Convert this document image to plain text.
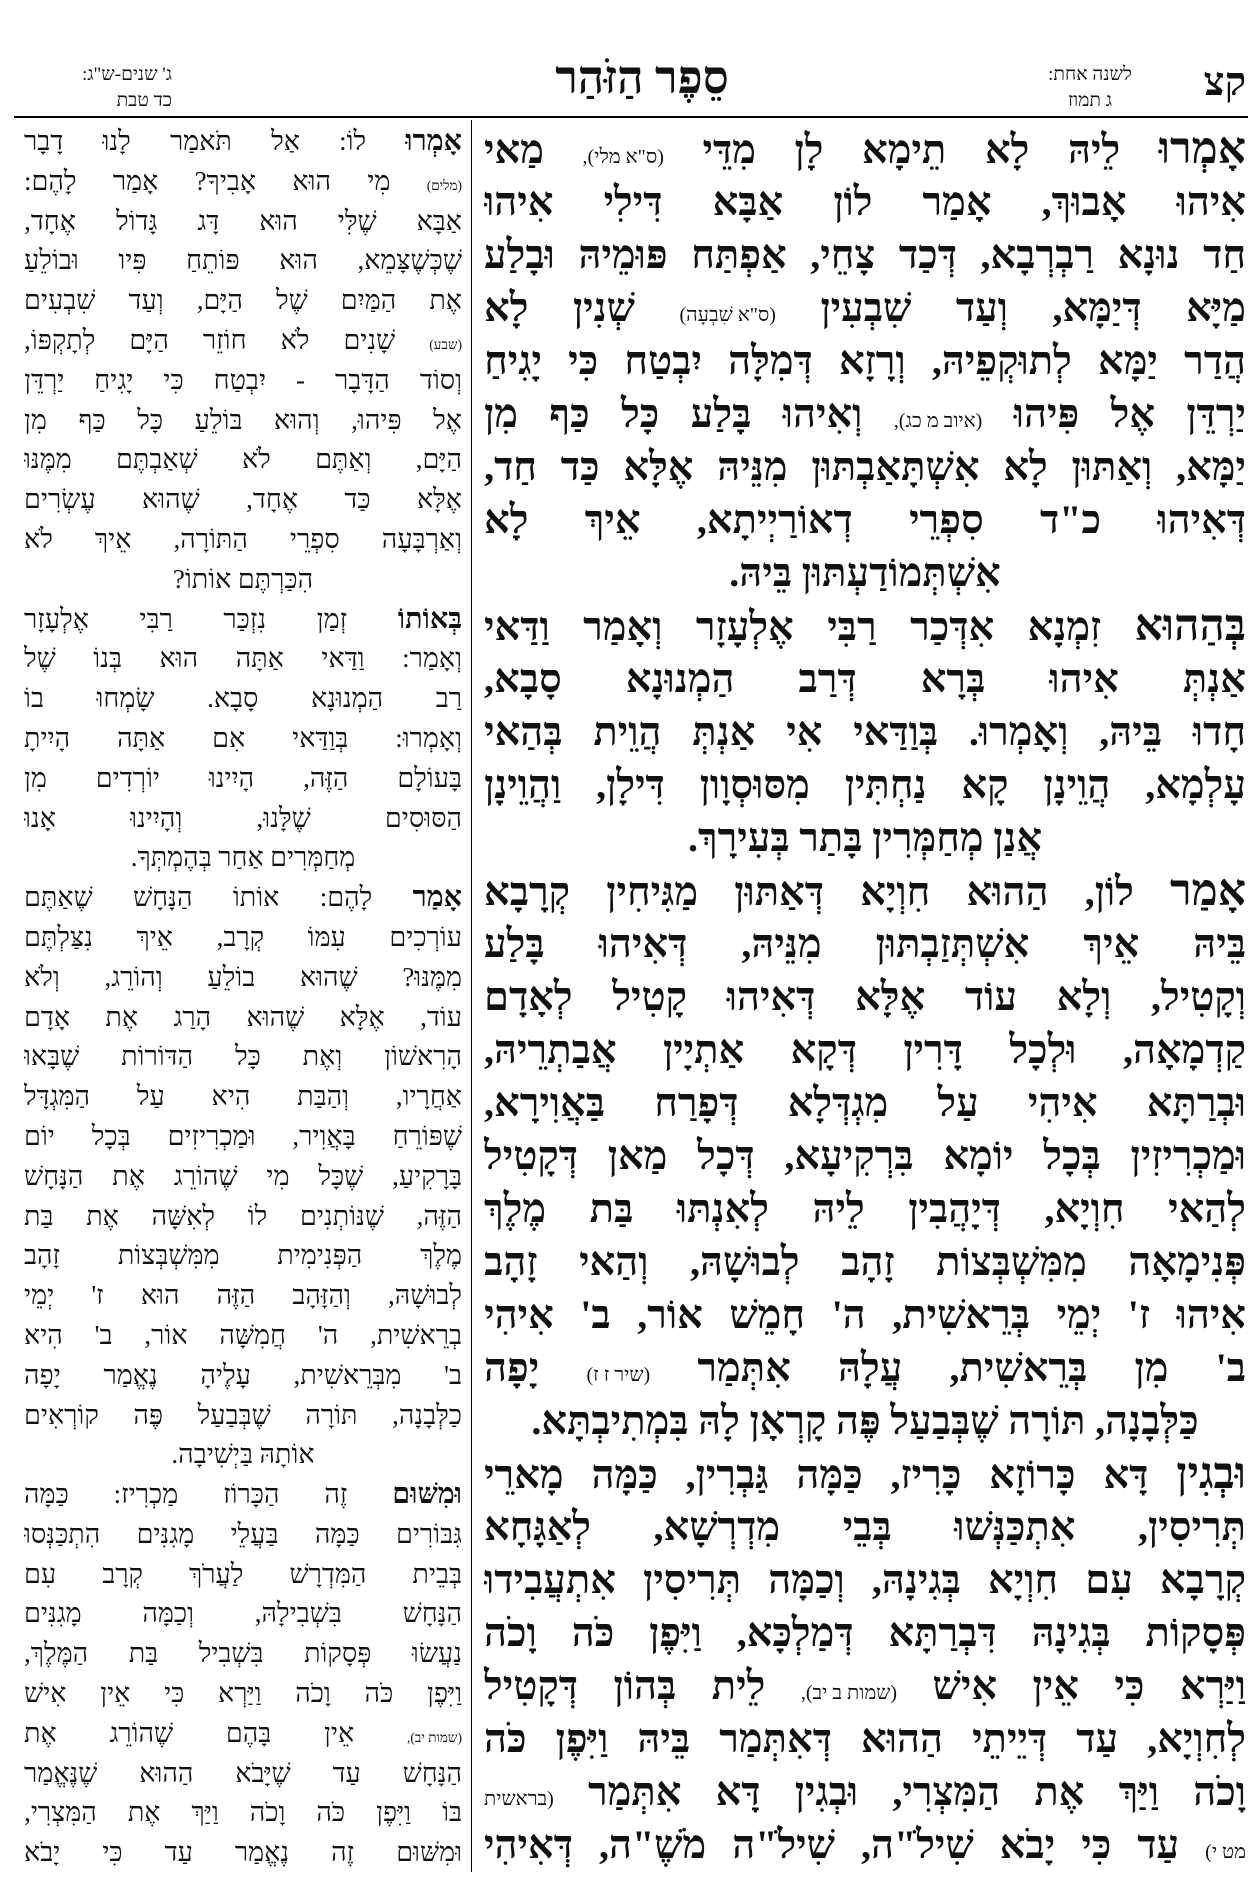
קצ
לשנה אחת:
ג תמוז
סֵפֶר הַזֹּהַר
ג' שנים-ש"ג:
כד טבת
אָמְרוּ
לֵיהּ
לָא
תֵימָא
לָן
מִדֵּי
(ס"א מלי),
מַאי
אִיהוּ
אָבוּךְ,
אָמַר
לוֹן
אַבָּא
דִּילִי
אִיהוּ
חַד
נוּנָא
רַבְרְבָא,
דְּכַד
צָחֵי,
אַפְתַּח
פּוּמֵיהּ
וּבָלַע
מַיָּא
דְּיַמָּא,
וְעַד
שִׁבְעִין
(ס"א שִׁבְעָה)
שְׁנִין
לָא
הֲדַר
יַמָּא
לְתוּקְפֵיהּ,
וְרָזָא
דְּמִלָּה
יִבְטַח
כִּי
יָגִיחַ
יַרְדֵּן
אֶל
פִּיהוּ
(איוב מ כג),
וְאִיהוּ
בָּלַע
כָּל
כַּף
מִן
יַמָּא,
וְאַתּוּן
לָא
אִשְׁתָּאַבְתּוּן
מִנֵּיהּ
אֶלָּא
כַּד
חַד,
דְּאִיהוּ
כ"ד
סִפְרֵי
דְאוֹרַיְיתָא,
אֵיךְ
לָא
אִשְׁתְּמוֹדַעְתּוּן
בֵּיהּ.
בְּהַהוּא
זִמְנָא
אִדְּכַר
רַבִּי
אֶלְעָזָר
וְאָמַר
וַדַּאי
אַנְתְּ
אִיהוּ
בְּרָא
דְּרַב
הַמְנוּנָא
סָבָא,
חָדוּ
בֵּיהּ,
וְאָמְרוּ.
בְּוַדַּאי
אִי
אַנְתְּ
הֲוֵית
בְּהַאי
עָלְמָא,
הֲוֵינָן
קָא
נַחְתִּין
מִסּוּסְוָון
דִּילָן,
וַהֲוֵינָן
אֲנַן
מְחַמְּרִין
בָּתַר
בְּעִירָךְ.
אָמַר
לוֹן,
הַהוּא
חִוְיָא
דְּאַתּוּן
מַגִּיחִין
קְרָבָא
בֵּיהּ
אֵיךְ
אִשְׁתְּזַבְתּוּן
מִנֵּיהּ,
דְּאִיהוּ
בָּלַע
וְקָטִיל,
וְלָא
עוֹד
אֶלָּא
דְּאִיהוּ
קָטִיל
לְאָדָם
קַדְמָאָה,
וּלְכָל
דָּרִין
דְּקָא
אַתְיָין
אֲבַתְרֵיהּ,
וּבְרַתָּא
אִיהִי
עַל
מִגְדְּלָא
דְּפָרַח
בַּאֲוִירָא,
וּמַכְרִיזִין
בְּכָל
יוֹמָא
בִּרְקִיעָא,
דְּכָל
מַאן
דְּקָטִיל
לְהַאי
חִוְיָא,
דְּיָהֲבִין
לֵיהּ
לְאִנְתּוּ
בַּת
מֶלֶךְ
פְּנִימָאָה
מִמִּשְׁבְּצוֹת
זָהָב
לְבוּשָׁהּ,
וְהַאי
זָהָב
אִיהוּ
ז'
יְמֵי
בְּרֵאשִׁית,
ה'
חָמֵשׁ
אוֹר,
ב'
אִיהִי
ב'
מִן
בְּרֵאשִׁית,
עֲלָהּ
אִתְּמַר
(שיר ז ז)
יָפָה
כַּלְּבָנָה,
תּוֹרָה
שֶׁבְּבַעַל
פֶּה
קָרְאָן
לָהּ
בִּמְתִיבְתָּא.
וּבְגִין
דָּא
כָּרוֹזָא
כָּרִיז,
כַּמָּה
גַּבְרִין,
כַּמָּה
מָארֵי
תְּרִיסִין,
אִתְכַּנְּשׁוּ
בְּבֵי
מִדְרְשָׁא,
לְאַגָּחָא
קְרָבָא
עִם
חִוְיָא
בְּגִינָהּ,
וְכַמָּה
תְּרִיסִין
אִתְעֲבִידוּ
פְּסָקוֹת
בְּגִינָהּ
דִּבְרַתָּא
דְּמַלְכָּא,
וַיִּפֶן
כֹּה
וָכֹה
וַיַּרְא
כִּי
אֵין
אִישׁ
(שמות ב יב),
לֵית
בְּהוֹן
דְּקָטִיל
לְחִוְיָא,
עַד
דְּיֵיתֵי
הַהוּא
דְּאִתְּמַר
בֵּיהּ
וַיִּפֶן
כֹּה
וָכֹה
וַיַּךְ
אֶת
הַמִּצְרִי,
וּבְגִין
דָּא
אִתְּמַר
(בראשית
מט י)
עַד
כִּי
יָבֹא
שִׁילֹ"ה,
שִׁילֹ"ה
מֹשֶׁ"ה,
דְּאִיהִי
אָמְרוּ
לוֹ:
אַל
תֹּאמַר
לָנוּ
דָבָר
(מלים)
מִי
הוּא
אָבִיךָ?
אָמַר
לָהֶם:
אַבָּא
שֶׁלִּי
הוּא
דָּג
גָּדוֹל
אֶחָד,
שֶׁכְּשֶׁצָּמֵא,
הוּא
פּוֹתֵחַ
פִּיו
וּבוֹלֵעַ
אֶת
הַמַּיִם
שֶׁל
הַיָּם,
וְעַד
שִׁבְעִים
(שבע)
שָׁנִים
לֹא
חוֹזֵר
הַיָּם
לְתָקְפּוֹ,
וְסוֹד
הַדָּבָר
-
יִבְטַח
כִּי
יָגִיחַ
יַרְדֵּן
אֶל
פִּיהוּ,
וְהוּא
בּוֹלֵעַ
כָּל
כַּף
מִן
הַיָּם,
וְאַתֶּם
לֹא
שְׁאַבְתֶּם
מִמֶּנּוּ
אֶלָּא
כַּד
אֶחָד,
שֶׁהוּא
עֶשְׂרִים
וְאַרְבָּעָה
סִפְרֵי
הַתּוֹרָה,
אֵיךְ
לֹא
הִכַּרְתֶּם
אוֹתוֹ?
בְּאוֹתוֹ
זְמַן
נִזְכַּר
רַבִּי
אֶלְעָזָר
וְאָמַר:
וַדַּאי
אַתָּה
הוּא
בְּנוֹ
שֶׁל
רַב
הַמְנוּנָא
סָבָא.
שָׂמְחוּ
בוֹ
וְאָמְרוּ:
בְּוַדַּאי
אִם
אַתָּה
הָיִיתָ
בָּעוֹלָם
הַזֶּה,
הָיִינוּ
יוֹרְדִים
מִן
הַסּוּסִים
שֶׁלָּנוּ,
וְהָיִינוּ
אָנוּ
מְחַמְּרִים
אַחַר
בְּהֶמְתְּךָ.
אָמַר
לָהֶם:
אוֹתוֹ
הַנָּחָשׁ
שֶׁאַתֶּם
עוֹרְכִים
עִמּוֹ
קְרָב,
אֵיךְ
נִצַּלְתֶּם
מִמֶּנּוּ?
שֶׁהוּא
בוֹלֵעַ
וְהוֹרֵג,
וְלֹא
עוֹד,
אֶלָּא
שֶׁהוּא
הָרַג
אֶת
אָדָם
הָרִאשׁוֹן
וְאֶת
כָּל
הַדּוֹרוֹת
שֶׁבָּאוּ
אַחֲרָיו,
וְהַבַּת
הִיא
עַל
הַמִּגְדָּל
שֶׁפּוֹרֵחַ
בָּאֲוִיר,
וּמַכְרִיזִים
בְּכָל
יוֹם
בָּרָקִיעַ,
שֶׁכָּל
מִי
שֶׁהוֹרֵג
אֶת
הַנָּחָשׁ
הַזֶּה,
שֶׁנּוֹתְנִים
לוֹ
לְאִשָּׁה
אֶת
בַּת
מֶלֶךְ
הַפְּנִימִית
מִמִּשְׁבְּצוֹת
זָהָב
לְבוּשָׁהּ,
וְהַזָּהָב
הַזֶּה
הוּא
ז'
יְמֵי
בְרֵאשִׁית,
ה'
חֲמִשָּׁה
אוֹר,
ב'
הִיא
ב'
מִבְּרֵאשִׁית,
עָלֶיהָ
נֶאֱמַר
יָפָה
כַלְּבָנָה,
תּוֹרָה
שֶׁבְּבַעַל
פֶּה
קוֹרְאִים
אוֹתָהּ
בַּיְשִׁיבָה.
וּמִשּׁוּם
זֶה
הַכָּרוֹז
מַכְרִיז:
כַּמָּה
גִּבּוֹרִים
כַּמָּה
בַּעֲלֵי
מָגִנִּים
הִתְכַּנְּסוּ
בְּבֵית
הַמִּדְרָשׁ
לַעֲרֹךְ
קְרָב
עִם
הַנָּחָשׁ
בִּשְׁבִילָהּ,
וְכַמָּה
מָגִנִּים
נַעֲשׂוּ
פְּסָקוֹת
בִּשְׁבִיל
בַּת
הַמֶּלֶךְ,
וַיִּפֶן
כֹּה
וָכֹה
וַיַּרְא
כִּי
אֵין
אִישׁ
(שמות יב),
אֵין
בָּהֶם
שֶׁהוֹרֵג
אֶת
הַנָּחָשׁ
עַד
שֶׁיָּבֹא
הַהוּא
שֶׁנֶּאֱמַר
בּוֹ
וַיִּפֶן
כֹּה
וָכֹה
וַיַּךְ
אֶת
הַמִּצְרִי,
וּמִשּׁוּם
זֶה
נֶאֱמַר
עַד
כִּי
יָבֹא
